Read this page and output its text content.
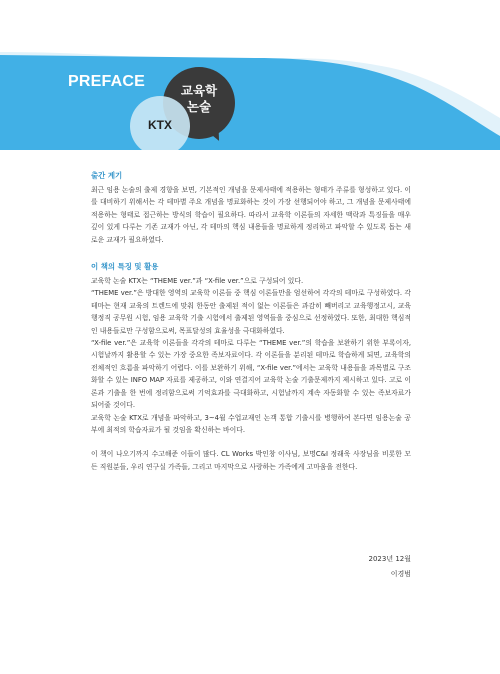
PREFACE
교육학
논술
KTX

출간 계기

최근 임용 논술의 출제 경향을 보면, 기본적인 개념을 문제사태에 적용하는 형태가 주류를 형성하고 있다. 이를 대비하기 위해서는 각 테마별 주요 개념을 명료화하는 것이 가장 선행되어야 하고, 그 개념을 문제사태에 적용하는 형태로 접근하는 방식의 학습이 필요하다. 따라서 교육학 이론들의 자세한 맥락과 특징들을 매우 깊이 있게 다루는 기존 교재가 아닌, 각 테마의 핵심 내용들을 명료하게 정리하고 파악할 수 있도록 돕는 새로운 교재가 필요하였다.

이 책의 특징 및 활용

교육학 논술 KTX는 “THEME ver.”과 “X-file ver.”으로 구성되어 있다.

“THEME ver.”은 방대한 영역의 교육학 이론들 중 핵심 이론들만을 엄선하여 각각의 테마로 구성하였다. 각 테마는 현재 교육의 트렌드에 맞춰 한동안 출제된 적이 없는 이론들은 과감히 빼버리고 교육행정고시, 교육행정직 공무원 시험, 임용 교육학 기출 시험에서 출제된 영역들을 중심으로 선정하였다. 또한, 최대한 핵심적인 내용들로만 구성함으로써, 목표달성의 효율성을 극대화하였다.

“X-file ver.”은 교육학 이론들을 각각의 테마로 다루는 “THEME ver.”의 학습을 보완하기 위한 부록이자, 시험날까지 활용할 수 있는 가장 중요한 족보자료이다. 각 이론들을 분리된 테마로 학습하게 되면, 교육학의 전체적인 흐름을 파악하기 어렵다. 이를 보완하기 위해, “X-file ver.”에서는 교육학 내용들을 과목별로 구조화할 수 있는 INFO MAP 자료를 제공하고, 이와 연결지어 교육학 논술 기출문제까지 제시하고 있다. 고로 이론과 기출을 한 번에 정리함으로써 기억효과를 극대화하고, 시험날까지 계속 자동화할 수 있는 족보자료가 되어줄 것이다.

교육학 논술 KTX로 개념을 파악하고, 3~4월 수업교재인 논객 통합 기출시를 병행하여 본다면 임용논술 공부에 최적의 학습자료가 될 것임을 확신하는 바이다.

이 책이 나오기까지 수고해준 이들이 많다. CL Works 박인창 이사님, 보명C&I 정래욱 사장님을 비롯한 모든 직원분들, 우리 연구실 가족들, 그리고 마지막으로 사랑하는 가족에게 고마움을 전한다.

2023년 12월
이경범
